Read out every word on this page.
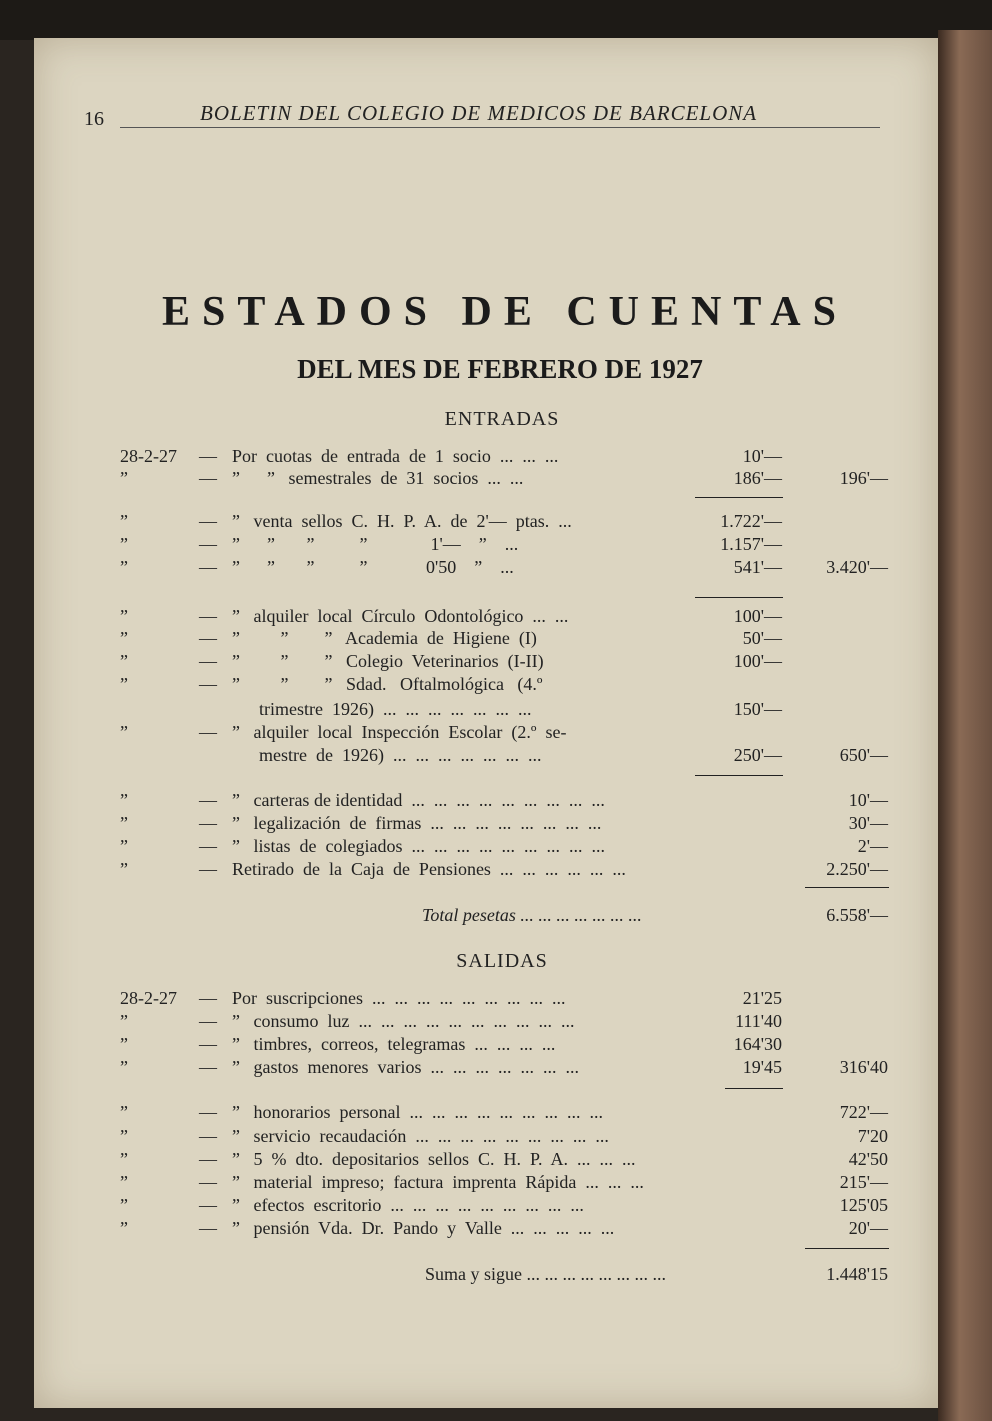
16	BOLETIN DEL COLEGIO DE MEDICOS DE BARCELONA
ESTADOS DE CUENTAS
DEL MES DE FEBRERO DE 1927
ENTRADAS
28-2-27	— Por  cuotas  de  entrada  de  1  socio  ...  ...  ...	10'—
”	— ”      ”   semestrales  de  31  socios  ...  ...	186'—	196'—
”	— ”   venta  sellos  C.  H.  P.  A.  de  2'—  ptas.  ...	1.722'—
”	— ”      ”       ”          ”              1'—    ”    ...	1.157'—
”	— ”      ”       ”          ”             0'50    ”    ...	541'—	3.420'—
”	— ”   alquiler  local  Círculo  Odontológico  ...  ...	100'—
”	— ”         ”        ”   Academia  de  Higiene  (I)	50'—
”	— ”         ”        ”   Colegio  Veterinarios  (I-II)	100'—
”	— ”         ”        ”   Sdad.   Oftalmológica   (4.º
trimestre  1926)  ...  ...  ...  ...  ...  ...  ...	150'—
”	— ”   alquiler  local  Inspección  Escolar  (2.º  se-
mestre  de  1926)  ...  ...  ...  ...  ...  ...  ...	250'—	650'—
”	— ”   carteras de identidad  ...  ...  ...  ...  ...  ...  ...  ...  ...	10'—
”	— ”   legalización  de  firmas  ...  ...  ...  ...  ...  ...  ...  ...	30'—
”	— ”   listas  de  colegiados  ...  ...  ...  ...  ...  ...  ...  ...  ...	2'—
”	— Retirado  de  la  Caja  de  Pensiones  ...  ...  ...  ...  ...  ...	2.250'—
Total pesetas ... ... ... ... ... ... ...	6.558'—
SALIDAS
28-2-27	— Por  suscripciones  ...  ...  ...  ...  ...  ...  ...  ...  ...	21'25
”	— ”   consumo  luz  ...  ...  ...  ...  ...  ...  ...  ...  ...  ...	111'40
”	— ”   timbres,  correos,  telegramas  ...  ...  ...  ...	164'30
”	— ”   gastos  menores  varios  ...  ...  ...  ...  ...  ...  ...	19'45	316'40
”	— ”   honorarios  personal  ...  ...  ...  ...  ...  ...  ...  ...  ...	722'—
”	— ”   servicio  recaudación  ...  ...  ...  ...  ...  ...  ...  ...  ...	7'20
”	— ”   5  %  dto.  depositarios  sellos  C.  H.  P.  A.  ...  ...  ...	42'50
”	— ”   material  impreso;  factura  imprenta  Rápida  ...  ...  ...	215'—
”	— ”   efectos  escritorio  ...  ...  ...  ...  ...  ...  ...  ...  ...	125'05
”	— ”   pensión  Vda.  Dr.  Pando  y  Valle  ...  ...  ...  ...  ...	20'—
Suma y sigue ... ... ... ... ... ... ... ...	1.448'15
